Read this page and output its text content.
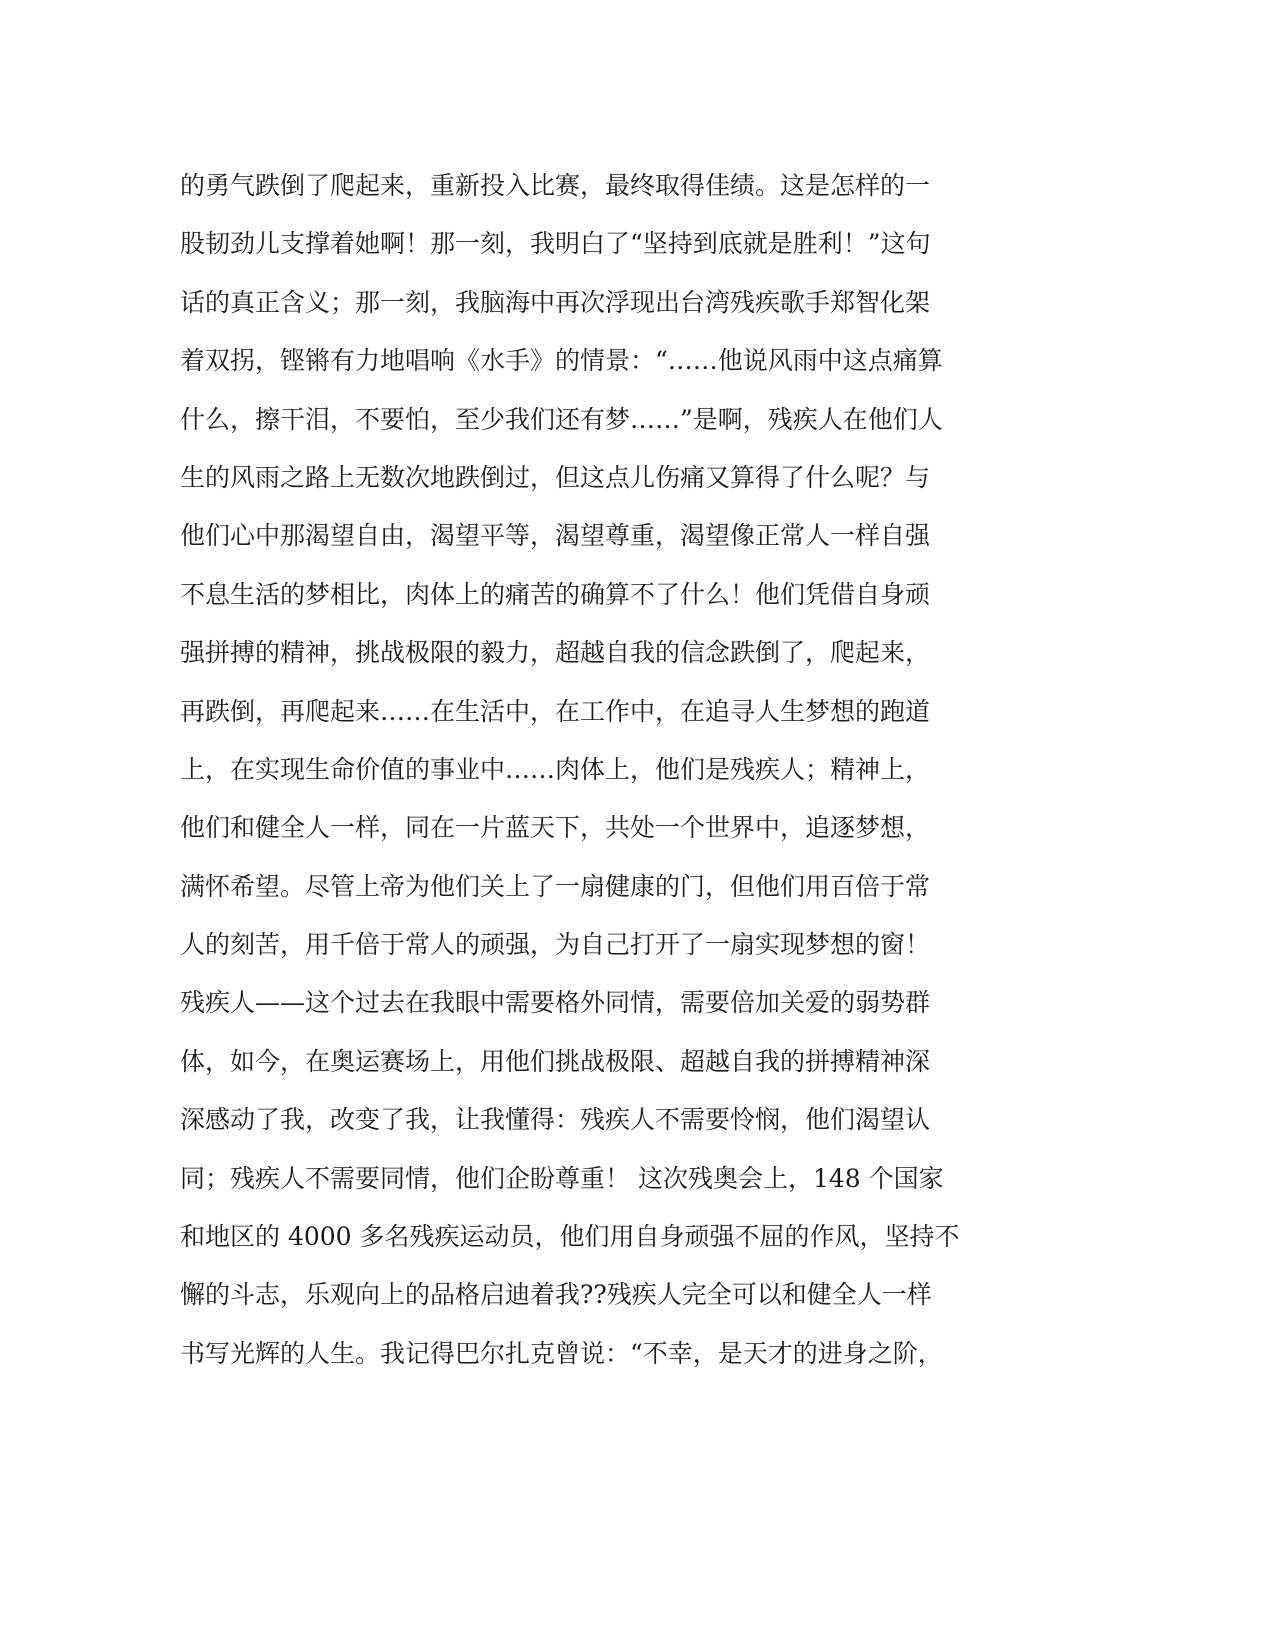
的勇气跌倒了爬起来，重新投入比赛，最终取得佳绩。这是怎样的一
股韧劲儿支撑着她啊！那一刻，我明白了“坚持到底就是胜利！”这句
话的真正含义；那一刻，我脑海中再次浮现出台湾残疾歌手郑智化架
着双拐，铿锵有力地唱响《水手》的情景：“……他说风雨中这点痛算
什么，擦干泪，不要怕，至少我们还有梦……”是啊，残疾人在他们人
生的风雨之路上无数次地跌倒过，但这点儿伤痛又算得了什么呢？与
他们心中那渴望自由，渴望平等，渴望尊重，渴望像正常人一样自强
不息生活的梦相比，肉体上的痛苦的确算不了什么！他们凭借自身顽
强拼搏的精神，挑战极限的毅力，超越自我的信念跌倒了，爬起来，
再跌倒，再爬起来……在生活中，在工作中，在追寻人生梦想的跑道
上，在实现生命价值的事业中……肉体上，他们是残疾人；精神上，
他们和健全人一样，同在一片蓝天下，共处一个世界中，追逐梦想，
满怀希望。尽管上帝为他们关上了一扇健康的门，但他们用百倍于常
人的刻苦，用千倍于常人的顽强，为自己打开了一扇实现梦想的窗！
残疾人——这个过去在我眼中需要格外同情，需要倍加关爱的弱势群
体，如今，在奥运赛场上，用他们挑战极限、超越自我的拼搏精神深
深感动了我，改变了我，让我懂得：残疾人不需要怜悯，他们渴望认
同；残疾人不需要同情，他们企盼尊重！ 这次残奥会上，148 个国家
和地区的 4000 多名残疾运动员，他们用自身顽强不屈的作风，坚持不
懈的斗志，乐观向上的品格启迪着我??残疾人完全可以和健全人一样
书写光辉的人生。我记得巴尔扎克曾说：“不幸，是天才的进身之阶，
